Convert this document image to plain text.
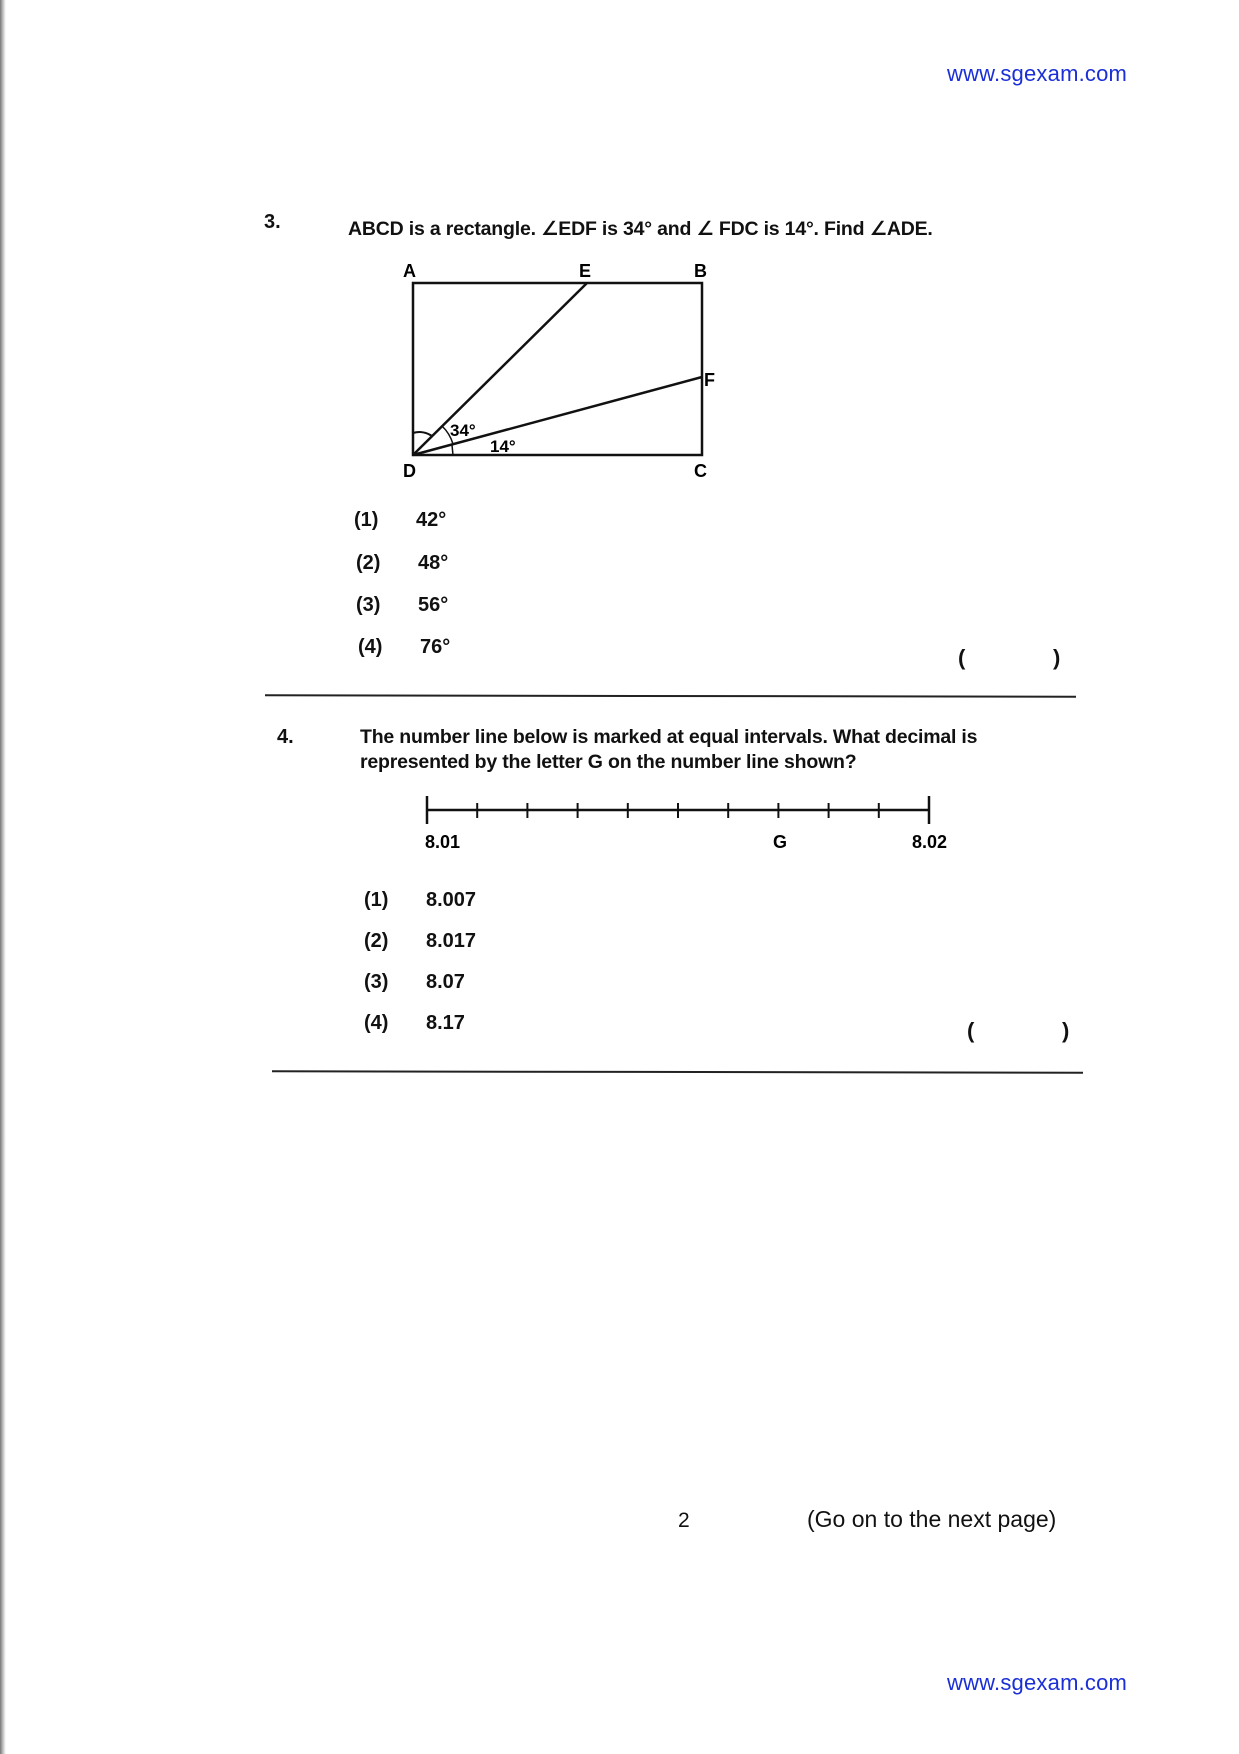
www.sgexam.com
3.	ABCD is a rectangle. ∠EDF is 34° and ∠ FDC is 14°. Find ∠ADE.
A	E	B
F
D	C
34°
14°
(1)	42°
(2)	48°
(3)	56°
(4)	76°	(	)
4.	The number line below is marked at equal intervals. What decimal is
represented by the letter G on the number line shown?
8.01	G	8.02
(1)	8.007
(2)	8.017
(3)	8.07
(4)	8.17	(	)
2	(Go on to the next page)
www.sgexam.com
